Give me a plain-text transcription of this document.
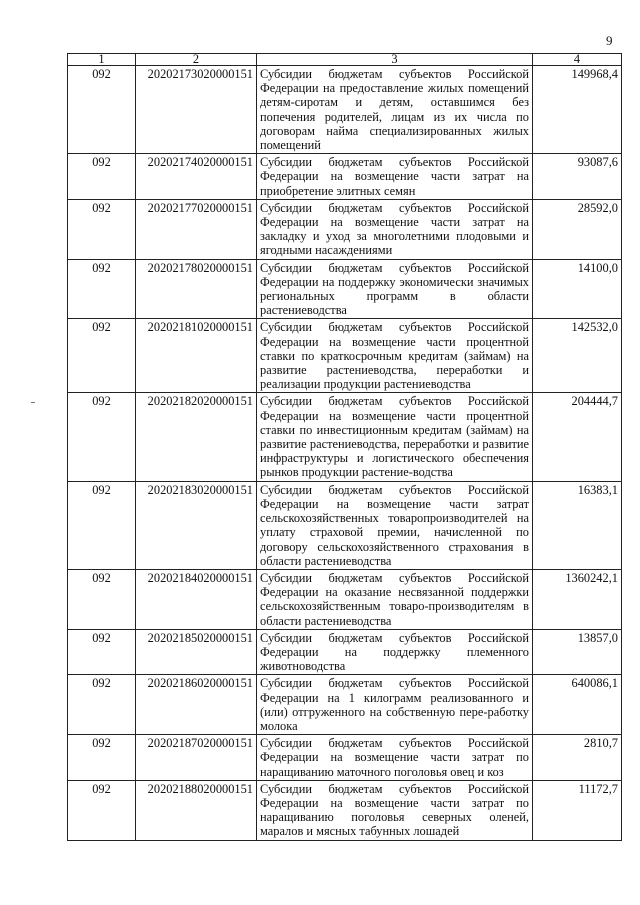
9
1	2	3	4
092	20202173020000151	Субсидии бюджетам субъектов Российской Федерации на предоставление жилых помещений детям-сиротам и детям, оставшимся без попечения родителей, лицам из их числа по договорам найма специализированных жилых помещений	149968,4
092	20202174020000151	Субсидии бюджетам субъектов Российской Федерации на возмещение части затрат на приобретение элитных семян	93087,6
092	20202177020000151	Субсидии бюджетам субъектов Российской Федерации на возмещение части затрат на закладку и уход за многолетними плодовыми и ягодными насаждениями	28592,0
092	20202178020000151	Субсидии бюджетам субъектов Российской Федерации на поддержку экономически значимых региональных программ в области растениеводства	14100,0
092	20202181020000151	Субсидии бюджетам субъектов Российской Федерации на возмещение части процентной ставки по краткосрочным кредитам (займам) на развитие растениеводства, переработки и реализации продукции растениеводства	142532,0
092	20202182020000151	Субсидии бюджетам субъектов Российской Федерации на возмещение части процентной ставки по инвестиционным кредитам (займам) на развитие растениеводства, переработки и развитие инфраструктуры и логистического обеспечения рынков продукции растение-водства	204444,7
092	20202183020000151	Субсидии бюджетам субъектов Российской Федерации на возмещение части затрат сельскохозяйственных товаропроизводителей на уплату страховой премии, начисленной по договору сельскохозяйственного страхования в области растениеводства	16383,1
092	20202184020000151	Субсидии бюджетам субъектов Российской Федерации на оказание несвязанной поддержки сельскохозяйственным товаро-производителям в области растениеводства	1360242,1
092	20202185020000151	Субсидии бюджетам субъектов Российской Федерации на поддержку племенного животноводства	13857,0
092	20202186020000151	Субсидии бюджетам субъектов Российской Федерации на 1 килограмм реализованного и (или) отгруженного на собственную пере-работку молока	640086,1
092	20202187020000151	Субсидии бюджетам субъектов Российской Федерации на возмещение части затрат по наращиванию маточного поголовья овец и коз	2810,7
092	20202188020000151	Субсидии бюджетам субъектов Российской Федерации на возмещение части затрат по наращиванию поголовья северных оленей, маралов и мясных табунных лошадей	11172,7
